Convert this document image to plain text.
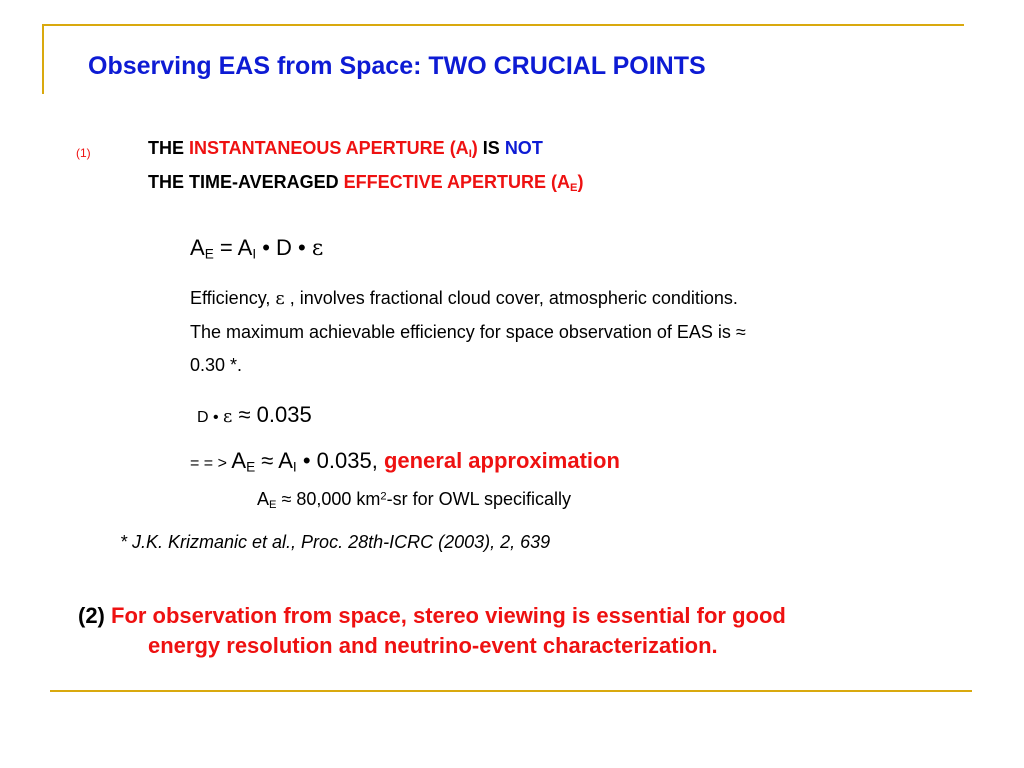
Observing EAS from Space: TWO CRUCIAL POINTS
(1)	THE INSTANTANEOUS APERTURE $(A_I)$ IS NOT
THE TIME-AVERAGED EFFECTIVE APERTURE $(A_E)$
$A_E = A_I$ • D • ε
Efficiency, ε , involves fractional cloud cover, atmospheric conditions.
The maximum achievable efficiency for space observation of EAS is ≈
0.30 *.
D • ε ≈ 0.035
= = > $A_E \approx A_I$ • 0.035, general approximation
$A_E \approx 80,000$ $km^2-sr$ for OWL specifically
* J.K. Krizmanic et al., Proc. 28th-ICRC (2003), 2, 639
(2) For observation from space, stereo viewing is essential for good
energy resolution and neutrino-event characterization.
